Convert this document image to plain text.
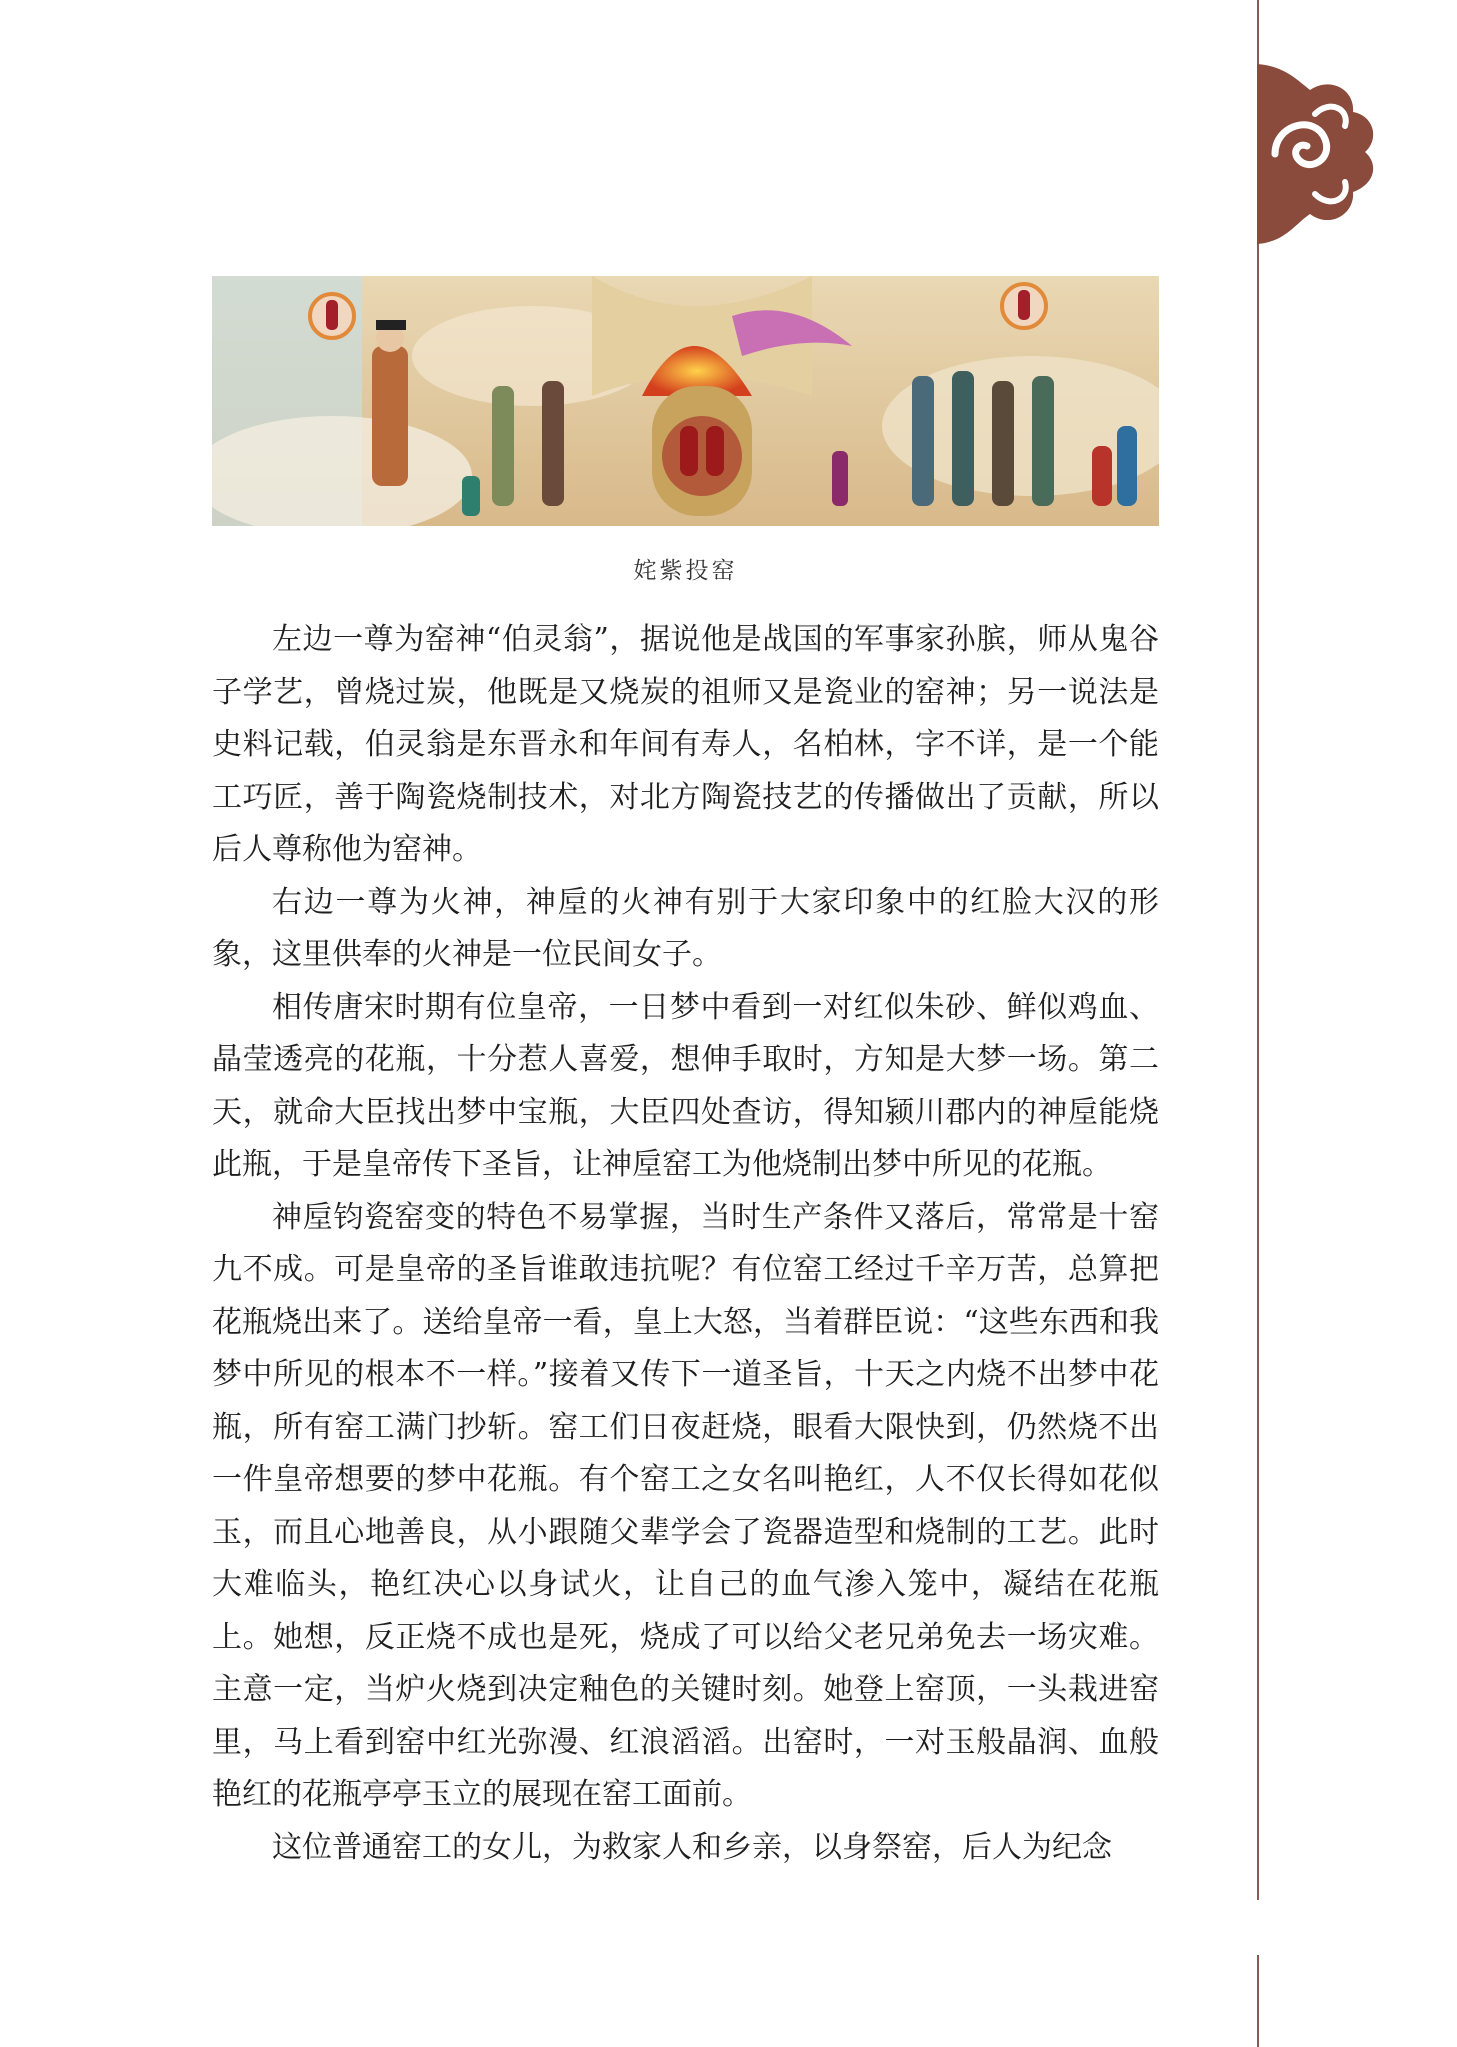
姹紫投窑

左边一尊为窑神“伯灵翁”，据说他是战国的军事家孙膑，师从鬼谷子学艺，曾烧过炭，他既是又烧炭的祖师又是瓷业的窑神；另一说法是史料记载，伯灵翁是东晋永和年间有寿人，名柏林，字不详，是一个能工巧匠，善于陶瓷烧制技术，对北方陶瓷技艺的传播做出了贡献，所以后人尊称他为窑神。

右边一尊为火神，神垕的火神有别于大家印象中的红脸大汉的形象，这里供奉的火神是一位民间女子。

相传唐宋时期有位皇帝，一日梦中看到一对红似朱砂、鲜似鸡血、晶莹透亮的花瓶，十分惹人喜爱，想伸手取时，方知是大梦一场。第二天，就命大臣找出梦中宝瓶，大臣四处查访，得知颍川郡内的神垕能烧此瓶，于是皇帝传下圣旨，让神垕窑工为他烧制出梦中所见的花瓶。

神垕钧瓷窑变的特色不易掌握，当时生产条件又落后，常常是十窑九不成。可是皇帝的圣旨谁敢违抗呢？有位窑工经过千辛万苦，总算把花瓶烧出来了。送给皇帝一看，皇上大怒，当着群臣说：“这些东西和我梦中所见的根本不一样。”接着又传下一道圣旨，十天之内烧不出梦中花瓶，所有窑工满门抄斩。窑工们日夜赶烧，眼看大限快到，仍然烧不出一件皇帝想要的梦中花瓶。有个窑工之女名叫艳红，人不仅长得如花似玉，而且心地善良，从小跟随父辈学会了瓷器造型和烧制的工艺。此时大难临头，艳红决心以身试火，让自己的血气渗入笼中，凝结在花瓶上。她想，反正烧不成也是死，烧成了可以给父老兄弟免去一场灾难。主意一定，当炉火烧到决定釉色的关键时刻。她登上窑顶，一头栽进窑里，马上看到窑中红光弥漫、红浪滔滔。出窑时，一对玉般晶润、血般艳红的花瓶亭亭玉立的展现在窑工面前。

这位普通窑工的女儿，为救家人和乡亲，以身祭窑，后人为纪念
